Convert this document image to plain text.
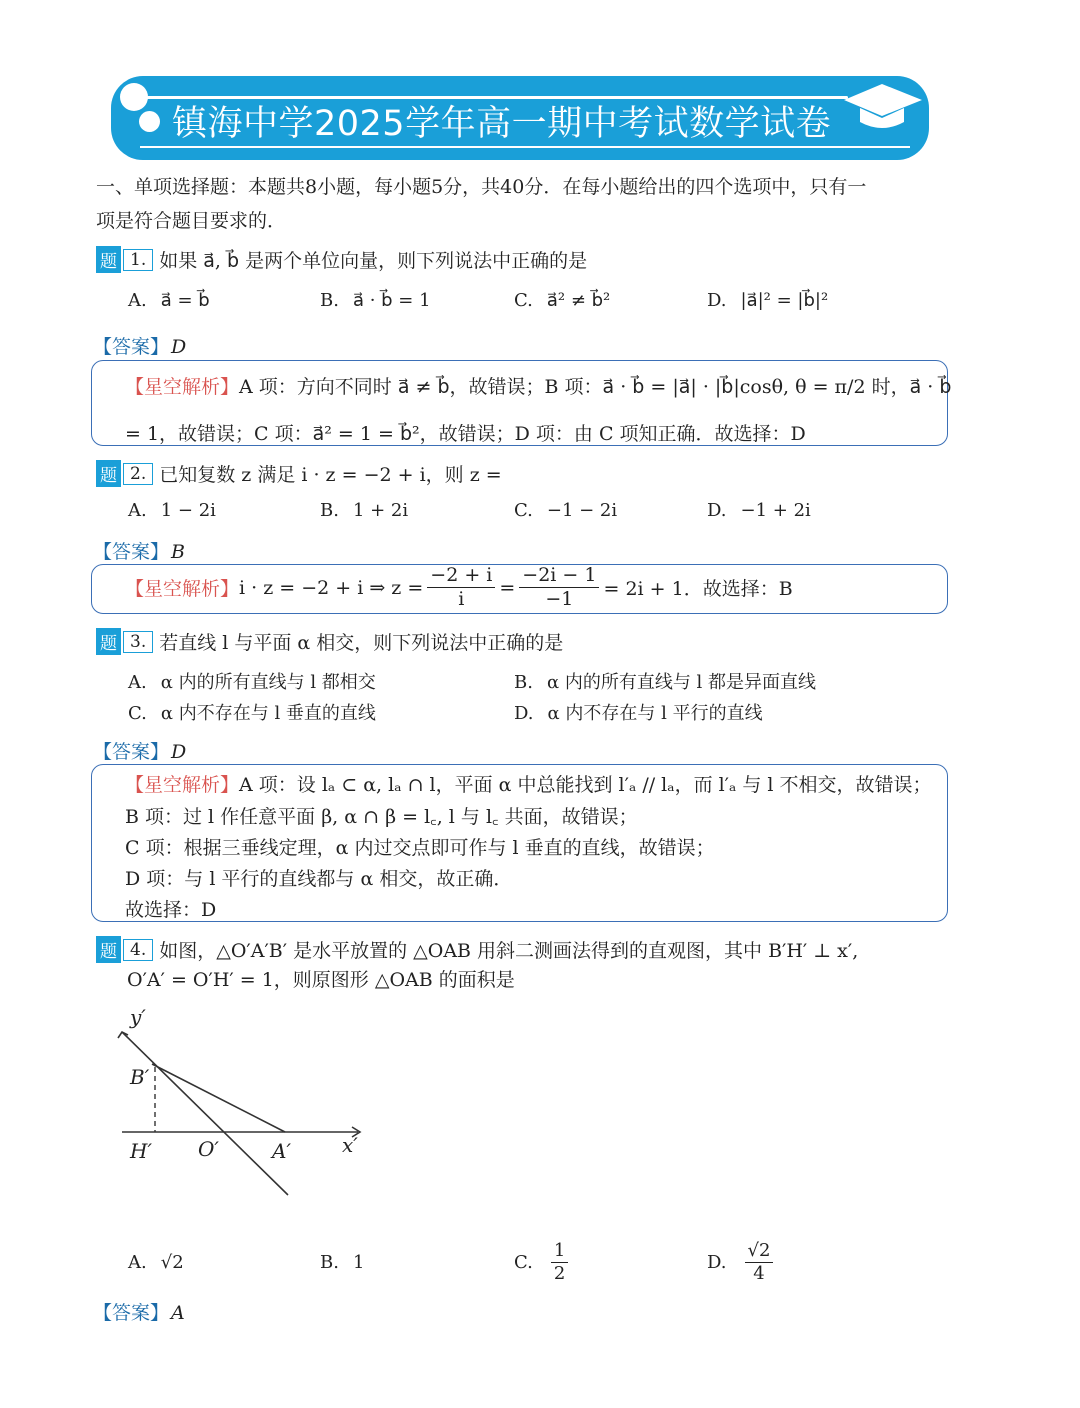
镇海中学2025学年高一期中考试数学试卷
一、单项选择题：本题共8小题，每小题5分，共40分．在每小题给出的四个选项中，只有一
项是符合题目要求的．
题 1. 如果 a⃗, b⃗ 是两个单位向量，则下列说法中正确的是
A. a⃗ = b⃗	B. a⃗ · b⃗ = 1	C. a⃗² ≠ b⃗²	D. |a⃗|² = |b⃗|²
【答案】 D
【星空解析】A 项：方向不同时 a⃗ ≠ b⃗，故错误；B 项：a⃗ · b⃗ = |a⃗| · |b⃗|cosθ, θ = π/2 时，a⃗ · b⃗
= 1，故错误；C 项：a⃗² = 1 = b⃗²，故错误；D 项：由 C 项知正确．故选择：D
题 2. 已知复数 z 满足 i · z = −2 + i，则 z =
A. 1 − 2i	B. 1 + 2i	C. −1 − 2i	D. −1 + 2i
【答案】 B
【星空解析】 i · z = −2 + i ⇒ $z = \frac{-2 + i}{i} = \frac{-2i - 1}{-1} = 2i + 1$．故选择：B
题 3. 若直线 l 与平面 α 相交，则下列说法中正确的是
A. α 内的所有直线与 l 都相交	B. α 内的所有直线与 l 都是异面直线
C. α 内不存在与 l 垂直的直线	D. α 内不存在与 l 平行的直线
【答案】 D
【星空解析】A 项：设 lₐ ⊂ α, lₐ ∩ l，平面 α 中总能找到 l′ₐ // lₐ，而 l′ₐ 与 l 不相交，故错误；
B 项：过 l 作任意平面 β, α ∩ β = l꜀, l 与 l꜀ 共面，故错误；
C 项：根据三垂线定理，α 内过交点即可作与 l 垂直的直线，故错误；
D 项：与 l 平行的直线都与 α 相交，故正确．
故选择：D
题 4. 如图，△O′A′B′ 是水平放置的 △OAB 用斜二测画法得到的直观图，其中 B′H′ ⊥ x′,
O′A′ = O′H′ = 1，则原图形 △OAB 的面积是
y′
B′
H′ O′	A′	x′
A. √2	B. 1	C. $\frac{1}{2}$	D. $\frac{√2}{4}$
【答案】 A
